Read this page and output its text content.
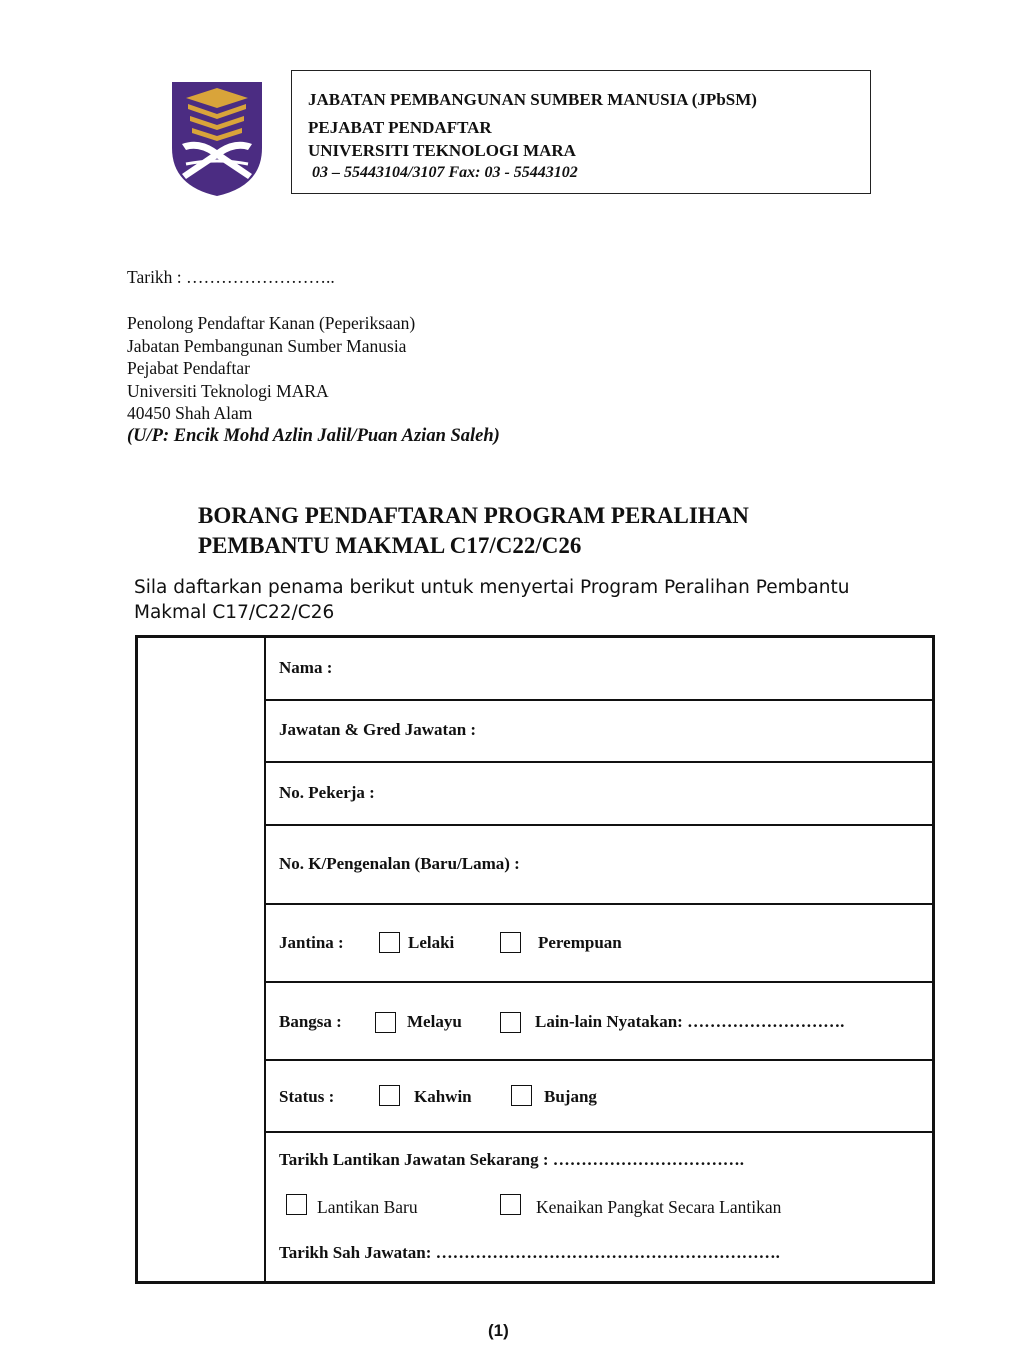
JABATAN PEMBANGUNAN SUMBER MANUSIA (JPbSM)
PEJABAT PENDAFTAR
UNIVERSITI TEKNOLOGI MARA
03 – 55443104/3107 Fax: 03 - 55443102
Tarikh : ……………………..
Penolong Pendaftar Kanan (Peperiksaan)
Jabatan Pembangunan Sumber Manusia
Pejabat Pendaftar
Universiti Teknologi MARA
40450 Shah Alam
(U/P: Encik Mohd Azlin Jalil/Puan Azian Saleh)
BORANG PENDAFTARAN PROGRAM PERALIHAN
PEMBANTU MAKMAL C17/C22/C26
Sila daftarkan penama berikut untuk menyertai Program Peralihan Pembantu
Makmal C17/C22/C26
Nama :
Jawatan & Gred Jawatan :
No. Pekerja :
No. K/Pengenalan (Baru/Lama) :
Jantina :	Lelaki	Perempuan
Bangsa :	Melayu	Lain-lain Nyatakan: ……………………….
Status :	Kahwin	Bujang
Tarikh Lantikan Jawatan Sekarang : …………………………….
Lantikan Baru	Kenaikan Pangkat Secara Lantikan
Tarikh Sah Jawatan: …………………………………………………….
(1)
